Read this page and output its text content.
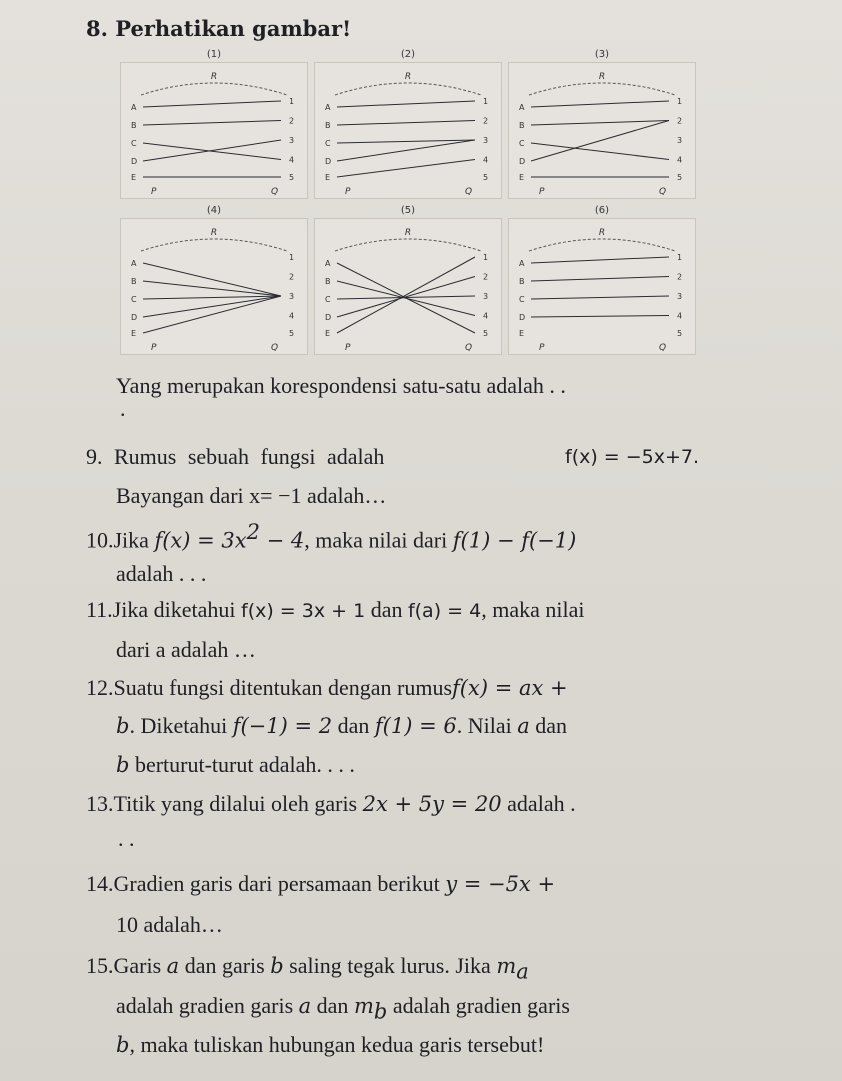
8. Perhatikan gambar!
(1)
R
A
B
C
D
E
1
2
3
4
5
P	Q
(2)
R
A
B
C
D
E
1
2
3
4
5
P	Q
(3)
R
A
B
C
D
E
1
2
3
4
5
P	Q
(4)
R
A
B
C
D
E
1
2
3
4
5
P	Q
(5)
R
A
B
C
D
E
1
2
3
4
5
P	Q
(6)
R
A
B
C
D
E
1
2
3
4
5
P	Q
Yang merupakan korespondensi satu-satu adalah . .
.
9. Rumus sebuah fungsi adalah	f(x) = −5x+7.
Bayangan dari x= −1 adalah…
10.Jika $f(x) = 3x^2 - 4$, maka nilai dari f(1) − f(−1)
adalah . . .
11.Jika diketahui f(x) = 3x + 1 dan f(a) = 4, maka nilai
dari a adalah …
12.Suatu fungsi ditentukan dengan rumusf(x) = ax +
b. Diketahui f(−1) = 2 dan f(1) = 6. Nilai a dan
b berturut-turut adalah. . . .
13.Titik yang dilalui oleh garis 2x + 5y = 20 adalah .
. .
14.Gradien garis dari persamaan berikut y = −5x +
10 adalah…
15.Garis a dan garis b saling tegak lurus. Jika $m_a$
adalah gradien garis a dan $m_b$ adalah gradien garis
b, maka tuliskan hubungan kedua garis tersebut!
